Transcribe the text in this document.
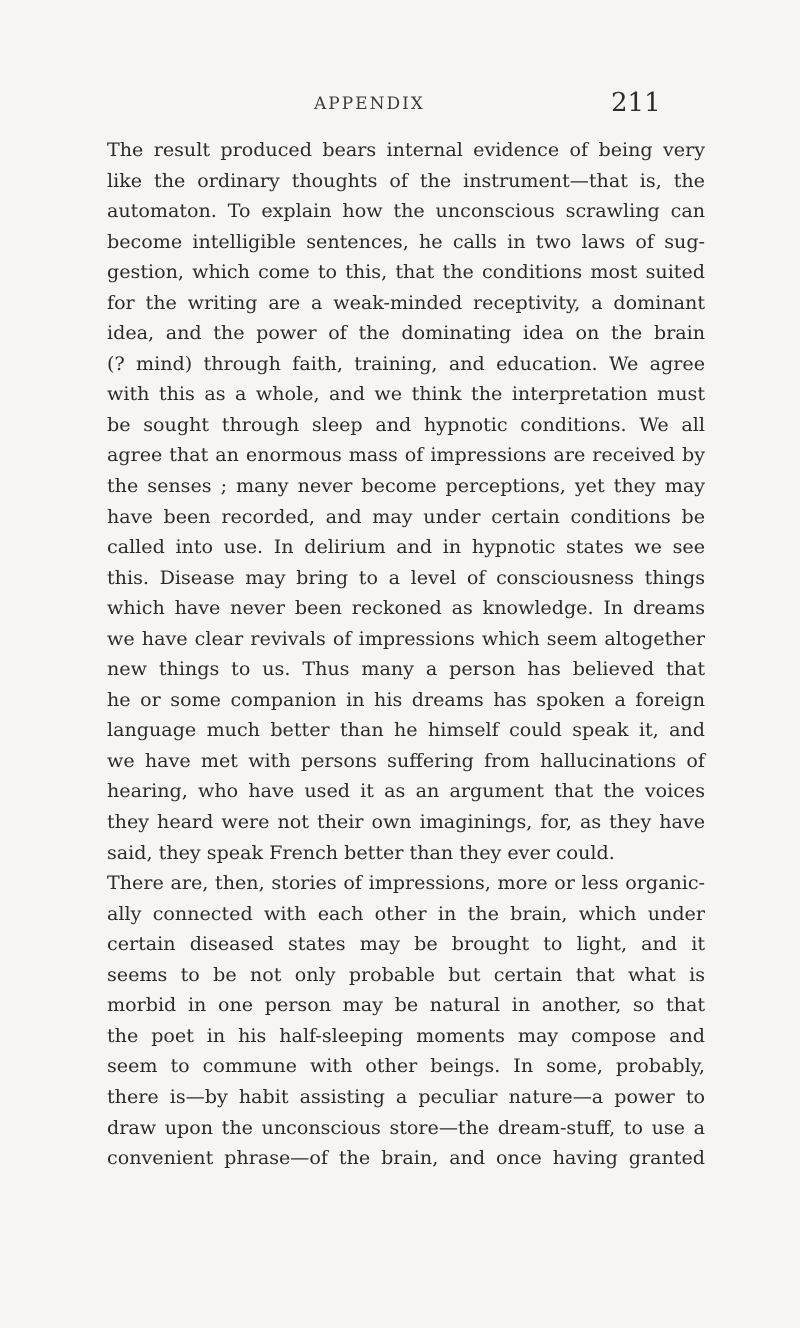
APPENDIX	211
The result produced bears internal evidence of being very
like the ordinary thoughts of the instrument—that is, the
automaton. To explain how the unconscious scrawling can
become intelligible sentences, he calls in two laws of sug-
gestion, which come to this, that the conditions most suited
for the writing are a weak-minded receptivity, a dominant
idea, and the power of the dominating idea on the brain
(? mind) through faith, training, and education. We agree
with this as a whole, and we think the interpretation must
be sought through sleep and hypnotic conditions. We all
agree that an enormous mass of impressions are received by
the senses ; many never become perceptions, yet they may
have been recorded, and may under certain conditions be
called into use. In delirium and in hypnotic states we see
this. Disease may bring to a level of consciousness things
which have never been reckoned as knowledge. In dreams
we have clear revivals of impressions which seem altogether
new things to us. Thus many a person has believed that
he or some companion in his dreams has spoken a foreign
language much better than he himself could speak it, and
we have met with persons suffering from hallucinations of
hearing, who have used it as an argument that the voices
they heard were not their own imaginings, for, as they have
said, they speak French better than they ever could.
There are, then, stories of impressions, more or less organic-
ally connected with each other in the brain, which under
certain diseased states may be brought to light, and it
seems to be not only probable but certain that what is
morbid in one person may be natural in another, so that
the poet in his half-sleeping moments may compose and
seem to commune with other beings. In some, probably,
there is—by habit assisting a peculiar nature—a power to
draw upon the unconscious store—the dream-stuff, to use a
convenient phrase—of the brain, and once having granted
